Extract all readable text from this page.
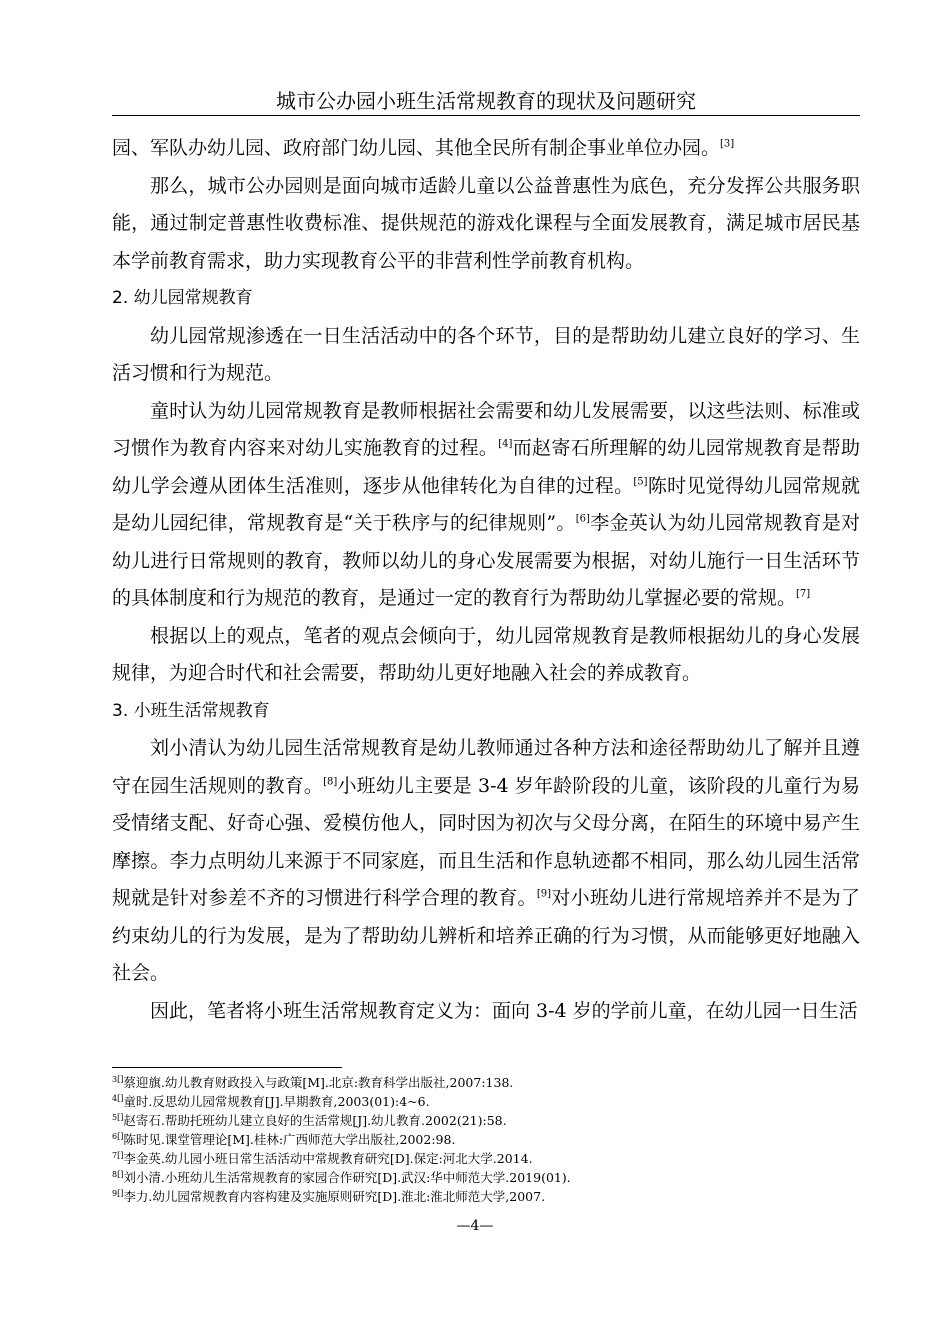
城市公办园小班生活常规教育的现状及问题研究

园、军队办幼儿园、政府部门幼儿园、其他全民所有制企事业单位办园。[3]

那么，城市公办园则是面向城市适龄儿童以公益普惠性为底色，充分发挥公共服务职能，通过制定普惠性收费标准、提供规范的游戏化课程与全面发展教育，满足城市居民基本学前教育需求，助力实现教育公平的非营利性学前教育机构。

2. 幼儿园常规教育

幼儿园常规渗透在一日生活活动中的各个环节，目的是帮助幼儿建立良好的学习、生活习惯和行为规范。

童时认为幼儿园常规教育是教师根据社会需要和幼儿发展需要，以这些法则、标准或习惯作为教育内容来对幼儿实施教育的过程。[4]而赵寄石所理解的幼儿园常规教育是帮助幼儿学会遵从团体生活准则，逐步从他律转化为自律的过程。[5]陈时见觉得幼儿园常规就是幼儿园纪律，常规教育是“关于秩序与的纪律规则”。[6]李金英认为幼儿园常规教育是对幼儿进行日常规则的教育，教师以幼儿的身心发展需要为根据，对幼儿施行一日生活环节的具体制度和行为规范的教育，是通过一定的教育行为帮助幼儿掌握必要的常规。[7]

根据以上的观点，笔者的观点会倾向于，幼儿园常规教育是教师根据幼儿的身心发展规律，为迎合时代和社会需要，帮助幼儿更好地融入社会的养成教育。

3. 小班生活常规教育

刘小清认为幼儿园生活常规教育是幼儿教师通过各种方法和途径帮助幼儿了解并且遵守在园生活规则的教育。[8]小班幼儿主要是 3-4 岁年龄阶段的儿童，该阶段的儿童行为易受情绪支配、好奇心强、爱模仿他人，同时因为初次与父母分离，在陌生的环境中易产生摩擦。李力点明幼儿来源于不同家庭，而且生活和作息轨迹都不相同，那么幼儿园生活常规就是针对参差不齐的习惯进行科学合理的教育。[9]对小班幼儿进行常规培养并不是为了约束幼儿的行为发展，是为了帮助幼儿辨析和培养正确的行为习惯，从而能够更好地融入社会。

因此，笔者将小班生活常规教育定义为：面向 3-4 岁的学前儿童，在幼儿园一日生活

$^{3[]}$蔡迎旗.幼儿教育财政投入与政策[M].北京:教育科学出版社,2007:138.
$^{4[]}$童时.反思幼儿园常规教育[J].早期教育,2003(01):4~6.
$^{5[]}$赵寄石.帮助托班幼儿建立良好的生活常规[J].幼儿教育.2002(21):58.
$^{6[]}$陈时见.课堂管理论[M].桂林:广西师范大学出版社,2002:98.
$^{7[]}$李金英.幼儿园小班日常生活活动中常规教育研究[D].保定:河北大学.2014.
$^{8[]}$刘小清.小班幼儿生活常规教育的家园合作研究[D].武汉:华中师范大学.2019(01).
$^{9[]}$李力.幼儿园常规教育内容构建及实施原则研究[D].淮北:淮北师范大学,2007.
—4—
